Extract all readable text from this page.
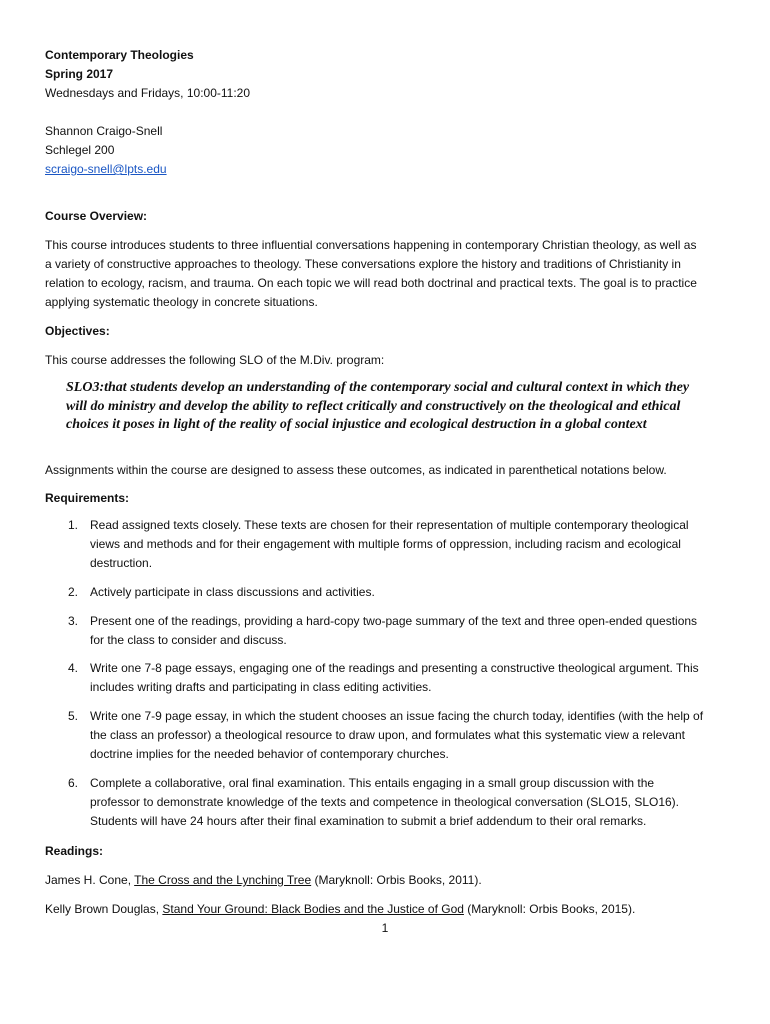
Contemporary Theologies
Spring 2017
Wednesdays and Fridays, 10:00-11:20
Shannon Craigo-Snell
Schlegel 200
scraigo-snell@lpts.edu
Course Overview:
This course introduces students to three influential conversations happening in contemporary Christian theology, as well as a variety of constructive approaches to theology. These conversations explore the history and traditions of Christianity in relation to ecology, racism, and trauma. On each topic we will read both doctrinal and practical texts. The goal is to practice applying systematic theology in concrete situations.
Objectives:
This course addresses the following SLO of the M.Div. program:
SLO3:that students develop an understanding of the contemporary social and cultural context in which they will do ministry and develop the ability to reflect critically and constructively on the theological and ethical choices it poses in light of the reality of social injustice and ecological destruction in a global context
Assignments within the course are designed to assess these outcomes, as indicated in parenthetical notations below.
Requirements:
1. Read assigned texts closely. These texts are chosen for their representation of multiple contemporary theological views and methods and for their engagement with multiple forms of oppression, including racism and ecological destruction.
2. Actively participate in class discussions and activities.
3. Present one of the readings, providing a hard-copy two-page summary of the text and three open-ended questions for the class to consider and discuss.
4. Write one 7-8 page essays, engaging one of the readings and presenting a constructive theological argument. This includes writing drafts and participating in class editing activities.
5. Write one 7-9 page essay, in which the student chooses an issue facing the church today, identifies (with the help of the class an professor) a theological resource to draw upon, and formulates what this systematic view a relevant doctrine implies for the needed behavior of contemporary churches.
6. Complete a collaborative, oral final examination. This entails engaging in a small group discussion with the professor to demonstrate knowledge of the texts and competence in theological conversation (SLO15, SLO16). Students will have 24 hours after their final examination to submit a brief addendum to their oral remarks.
Readings:
James H. Cone, The Cross and the Lynching Tree (Maryknoll: Orbis Books, 2011).
Kelly Brown Douglas, Stand Your Ground: Black Bodies and the Justice of God (Maryknoll: Orbis Books, 2015).
1
